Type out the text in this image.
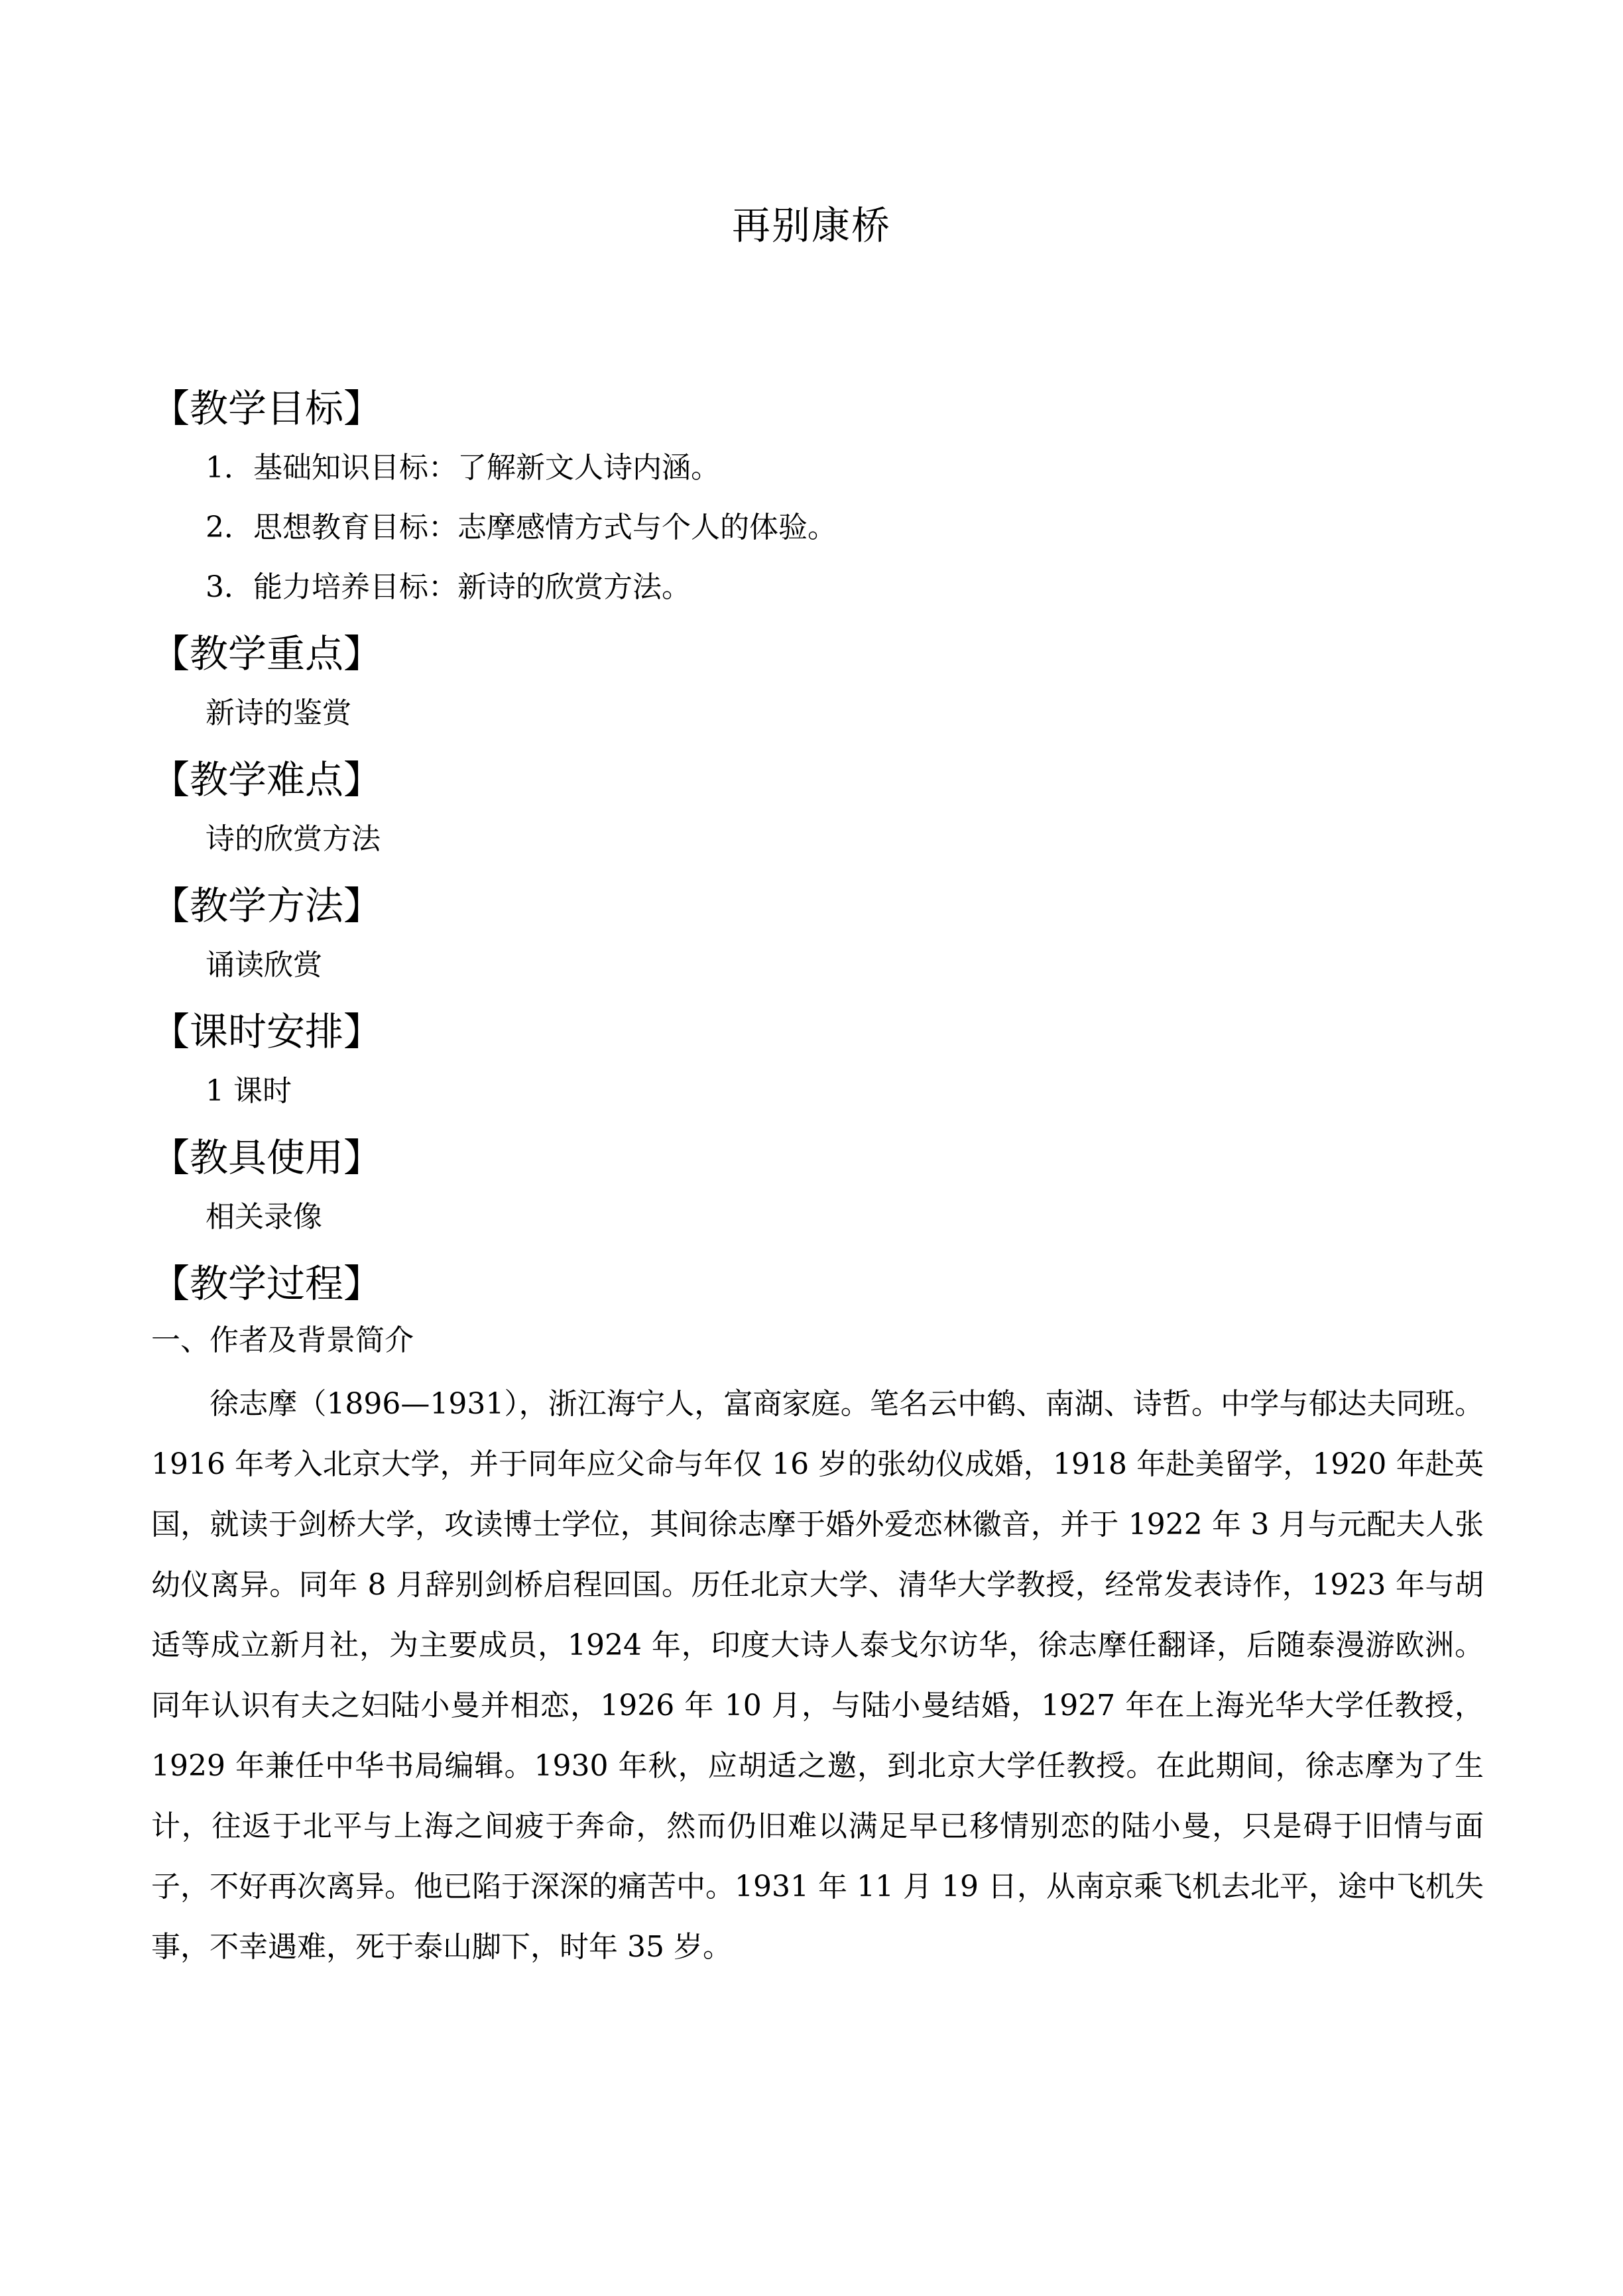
再别康桥
【教学目标】
1．基础知识目标：了解新文人诗内涵。
2．思想教育目标：志摩感情方式与个人的体验。
3．能力培养目标：新诗的欣赏方法。
【教学重点】
新诗的鉴赏
【教学难点】
诗的欣赏方法
【教学方法】
诵读欣赏
【课时安排】
1 课时
【教具使用】
相关录像
【教学过程】
一、作者及背景简介

徐志摩（1896—1931），浙江海宁人，富商家庭。笔名云中鹤、南湖、诗哲。中学与郁达夫同班。1916 年考入北京大学，并于同年应父命与年仅 16 岁的张幼仪成婚，1918 年赴美留学，1920 年赴英国，就读于剑桥大学，攻读博士学位，其间徐志摩于婚外爱恋林徽音，并于 1922 年 3 月与元配夫人张幼仪离异。同年 8 月辞别剑桥启程回国。历任北京大学、清华大学教授，经常发表诗作，1923 年与胡适等成立新月社，为主要成员，1924 年，印度大诗人泰戈尔访华，徐志摩任翻译，后随泰漫游欧洲。同年认识有夫之妇陆小曼并相恋，1926 年 10 月，与陆小曼结婚，1927 年在上海光华大学任教授，1929 年兼任中华书局编辑。1930 年秋，应胡适之邀，到北京大学任教授。在此期间，徐志摩为了生计，往返于北平与上海之间疲于奔命，然而仍旧难以满足早已移情别恋的陆小曼，只是碍于旧情与面子，不好再次离异。他已陷于深深的痛苦中。1931 年 11 月 19 日，从南京乘飞机去北平，途中飞机失事，不幸遇难，死于泰山脚下，时年 35 岁。
